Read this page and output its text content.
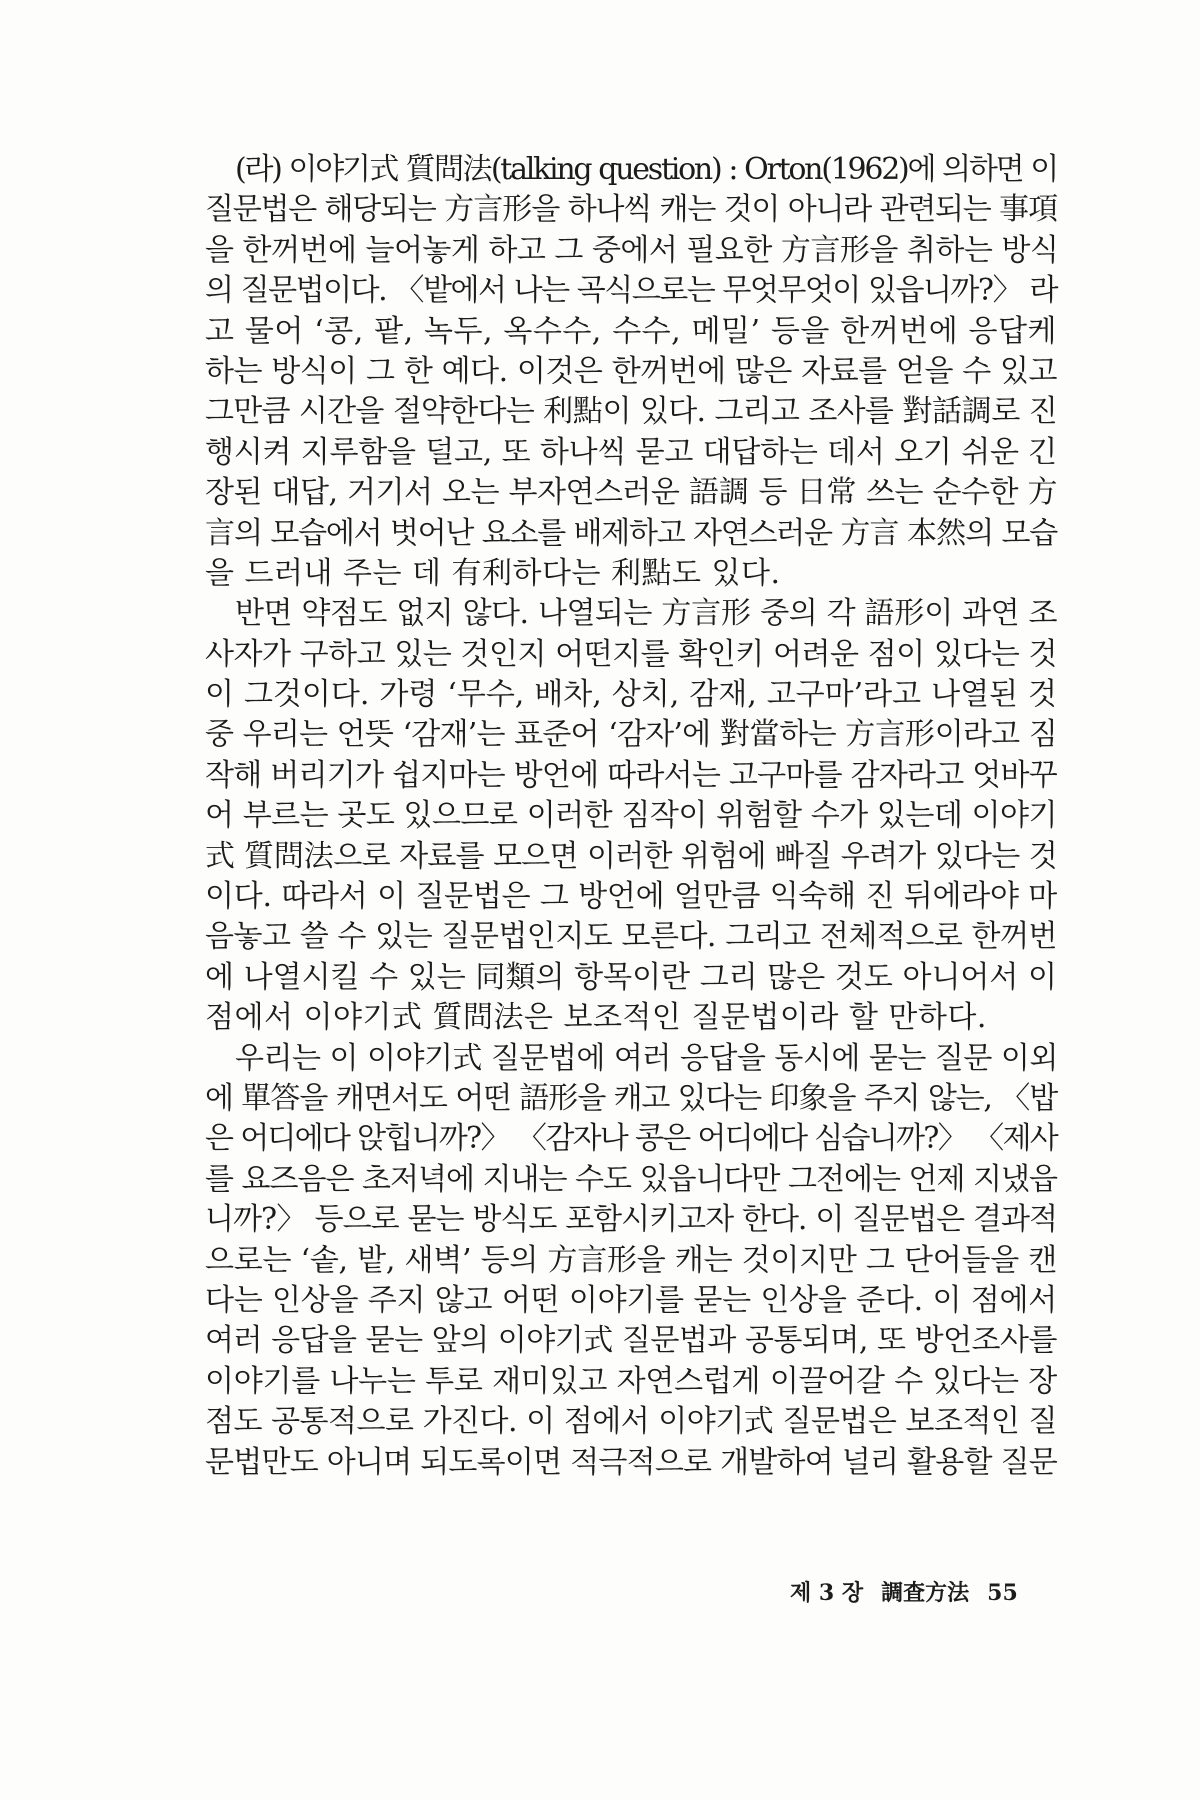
(라) 이야기式 質問法(talking question) : Orton(1962)에 의하면 이
질문법은 해당되는 方言形을 하나씩 캐는 것이 아니라 관련되는 事項
을 한꺼번에 늘어놓게 하고 그 중에서 필요한 方言形을 취하는 방식
의 질문법이다. 〈밭에서 나는 곡식으로는 무엇무엇이 있읍니까?〉 라
고 물어 ‘콩, 팥, 녹두, 옥수수, 수수, 메밀’ 등을 한꺼번에 응답케
하는 방식이 그 한 예다. 이것은 한꺼번에 많은 자료를 얻을 수 있고
그만큼 시간을 절약한다는 利點이 있다. 그리고 조사를 對話調로 진
행시켜 지루함을 덜고, 또 하나씩 묻고 대답하는 데서 오기 쉬운 긴
장된 대답, 거기서 오는 부자연스러운 語調 등 日常 쓰는 순수한 方
言의 모습에서 벗어난 요소를 배제하고 자연스러운 方言 本然의 모습
을 드러내 주는 데 有利하다는 利點도 있다.
반면 약점도 없지 않다. 나열되는 方言形 중의 각 語形이 과연 조
사자가 구하고 있는 것인지 어떤지를 확인키 어려운 점이 있다는 것
이 그것이다. 가령 ‘무수, 배차, 상치, 감재, 고구마’라고 나열된 것
중 우리는 언뜻 ‘감재’는 표준어 ‘감자’에 對當하는 方言形이라고 짐
작해 버리기가 쉽지마는 방언에 따라서는 고구마를 감자라고 엇바꾸
어 부르는 곳도 있으므로 이러한 짐작이 위험할 수가 있는데 이야기
式 質問法으로 자료를 모으면 이러한 위험에 빠질 우려가 있다는 것
이다. 따라서 이 질문법은 그 방언에 얼만큼 익숙해 진 뒤에라야 마
음놓고 쓸 수 있는 질문법인지도 모른다. 그리고 전체적으로 한꺼번
에 나열시킬 수 있는 同類의 항목이란 그리 많은 것도 아니어서 이
점에서 이야기式 質問法은 보조적인 질문법이라 할 만하다.
우리는 이 이야기式 질문법에 여러 응답을 동시에 묻는 질문 이외
에 單答을 캐면서도 어떤 語形을 캐고 있다는 印象을 주지 않는, 〈밥
은 어디에다 앉힙니까?〉 〈감자나 콩은 어디에다 심습니까?〉 〈제사
를 요즈음은 초저녁에 지내는 수도 있읍니다만 그전에는 언제 지냈읍
니까?〉 등으로 묻는 방식도 포함시키고자 한다. 이 질문법은 결과적
으로는 ‘솥, 밭, 새벽’ 등의 方言形을 캐는 것이지만 그 단어들을 캔
다는 인상을 주지 않고 어떤 이야기를 묻는 인상을 준다. 이 점에서
여러 응답을 묻는 앞의 이야기式 질문법과 공통되며, 또 방언조사를
이야기를 나누는 투로 재미있고 자연스럽게 이끌어갈 수 있다는 장
점도 공통적으로 가진다. 이 점에서 이야기式 질문법은 보조적인 질
문법만도 아니며 되도록이면 적극적으로 개발하여 널리 활용할 질문
제 3 장 調査方法 55
